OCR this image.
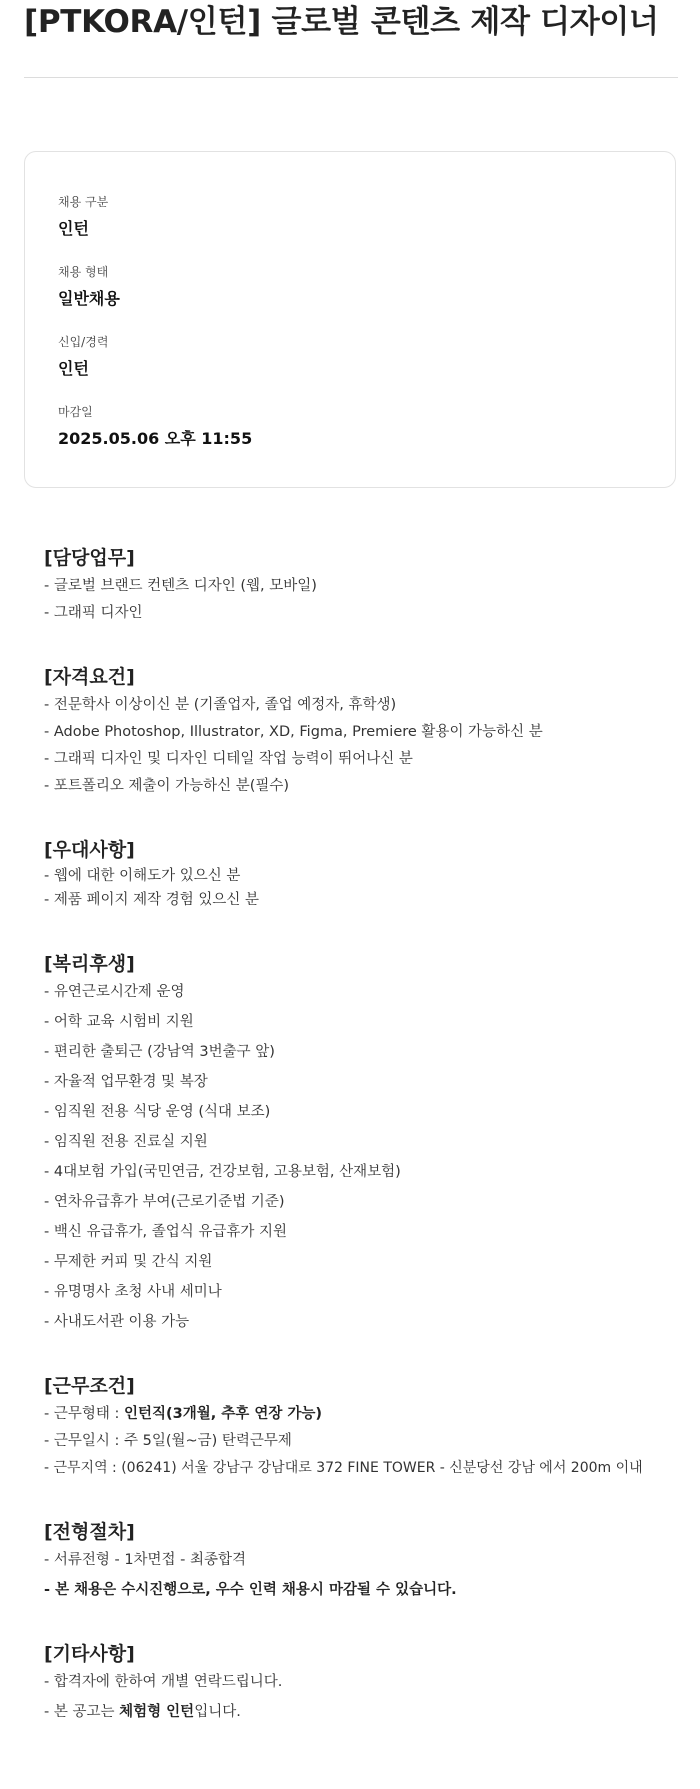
[PTKORA/인턴] 글로벌 콘텐츠 제작 디자이너
채용 구분
인턴
채용 형태
일반채용
신입/경력
인턴
마감일
2025.05.06 오후 11:55
[담당업무]
- 글로벌 브랜드 컨텐츠 디자인 (웹, 모바일)
- 그래픽 디자인
[자격요건]
- 전문학사 이상이신 분 (기졸업자, 졸업 예정자, 휴학생)
- Adobe Photoshop, Illustrator, XD, Figma, Premiere 활용이 가능하신 분
- 그래픽 디자인 및 디자인 디테일 작업 능력이 뛰어나신 분
- 포트폴리오 제출이 가능하신 분(필수)
[우대사항]
- 웹에 대한 이해도가 있으신 분
- 제품 페이지 제작 경험 있으신 분
[복리후생]
- 유연근로시간제 운영
- 어학 교육 시험비 지원
- 편리한 출퇴근 (강남역 3번출구 앞)
- 자율적 업무환경 및 복장
- 임직원 전용 식당 운영 (식대 보조)
- 임직원 전용 진료실 지원
- 4대보험 가입(국민연금, 건강보험, 고용보험, 산재보험)
- 연차유급휴가 부여(근로기준법 기준)
- 백신 유급휴가, 졸업식 유급휴가 지원
- 무제한 커피 및 간식 지원
- 유명명사 초청 사내 세미나
- 사내도서관 이용 가능
[근무조건]
- 근무형태 : 인턴직(3개월, 추후 연장 가능)
- 근무일시 : 주 5일(월~금) 탄력근무제
- 근무지역 : (06241) 서울 강남구 강남대로 372 FINE TOWER - 신분당선 강남 에서 200m 이내
[전형절차]
- 서류전형 - 1차면접 - 최종합격
- 본 채용은 수시진행으로, 우수 인력 채용시 마감될 수 있습니다.
[기타사항]
- 합격자에 한하여 개별 연락드립니다.
- 본 공고는 체험형 인턴입니다.
